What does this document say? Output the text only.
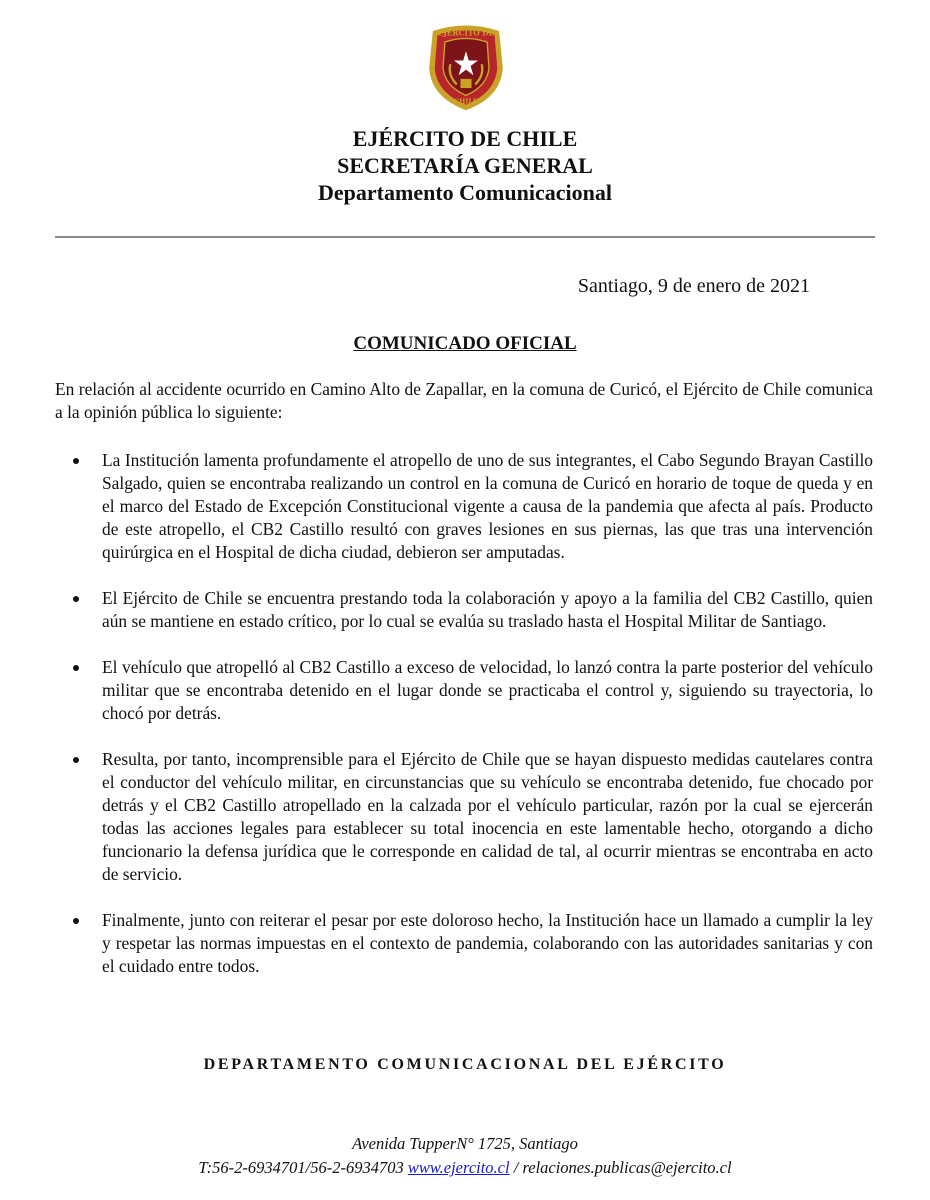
EJERCITO DE
CHILE
EJÉRCITO DE CHILE
SECRETARÍA GENERAL
Departamento Comunicacional
Santiago, 9 de enero de 2021
COMUNICADO OFICIAL

En relación al accidente ocurrido en Camino Alto de Zapallar, en la comuna de Curicó, el Ejército de Chile comunica a la opinión pública lo siguiente:

La Institución lamenta profundamente el atropello de uno de sus integrantes, el Cabo Segundo Brayan Castillo Salgado, quien se encontraba realizando un control en la comuna de Curicó en horario de toque de queda y en el marco del Estado de Excepción Constitucional vigente a causa de la pandemia que afecta al país. Producto de este atropello, el CB2 Castillo resultó con graves lesiones en sus piernas, las que tras una intervención quirúrgica en el Hospital de dicha ciudad, debieron ser amputadas.
El Ejército de Chile se encuentra prestando toda la colaboración y apoyo a la familia del CB2 Castillo, quien aún se mantiene en estado crítico, por lo cual se evalúa su traslado hasta el Hospital Militar de Santiago.
El vehículo que atropelló al CB2 Castillo a exceso de velocidad, lo lanzó contra la parte posterior del vehículo militar que se encontraba detenido en el lugar donde se practicaba el control y, siguiendo su trayectoria, lo chocó por detrás.
Resulta, por tanto, incomprensible para el Ejército de Chile que se hayan dispuesto medidas cautelares contra el conductor del vehículo militar, en circunstancias que su vehículo se encontraba detenido, fue chocado por detrás y el CB2 Castillo atropellado en la calzada por el vehículo particular, razón por la cual se ejercerán todas las acciones legales para establecer su total inocencia en este lamentable hecho, otorgando a dicho funcionario la defensa jurídica que le corresponde en calidad de tal, al ocurrir mientras se encontraba en acto de servicio.
Finalmente, junto con reiterar el pesar por este doloroso hecho, la Institución hace un llamado a cumplir la ley y respetar las normas impuestas en el contexto de pandemia, colaborando con las autoridades sanitarias y con el cuidado entre todos.
DEPARTAMENTO COMUNICACIONAL DEL EJÉRCITO
Avenida TupperN° 1725, Santiago
T:56-2-6934701/56-2-6934703 www.ejercito.cl / relaciones.publicas@ejercito.cl
